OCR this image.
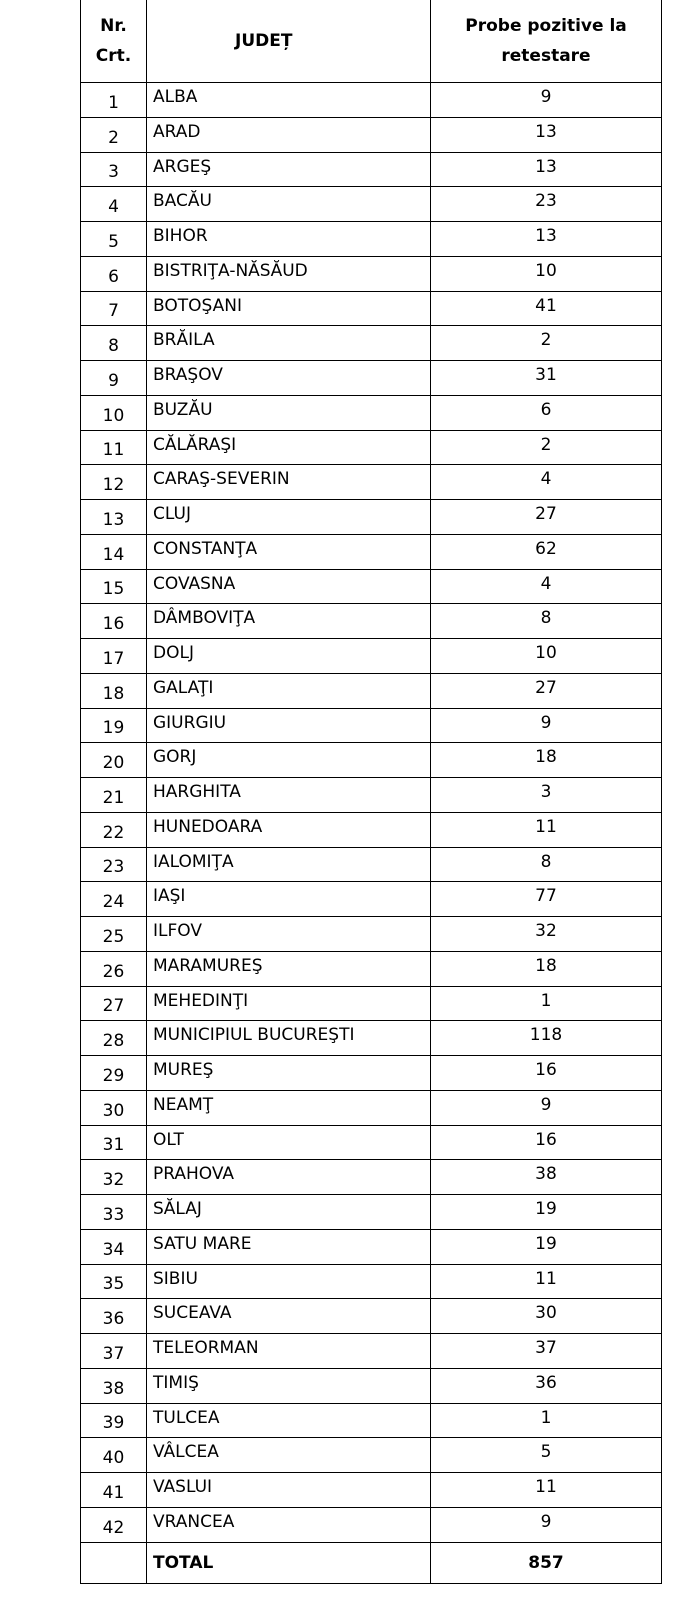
Nr. Crt.	JUDEȚ	Probe pozitive la retestare
1	ALBA	9
2	ARAD	13
3	ARGEŞ	13
4	BACĂU	23
5	BIHOR	13
6	BISTRIŢA-NĂSĂUD	10
7	BOTOŞANI	41
8	BRĂILA	2
9	BRAŞOV	31
10	BUZĂU	6
11	CĂLĂRAŞI	2
12	CARAŞ-SEVERIN	4
13	CLUJ	27
14	CONSTANŢA	62
15	COVASNA	4
16	DÂMBOVIŢA	8
17	DOLJ	10
18	GALAŢI	27
19	GIURGIU	9
20	GORJ	18
21	HARGHITA	3
22	HUNEDOARA	11
23	IALOMIŢA	8
24	IAŞI	77
25	ILFOV	32
26	MARAMUREŞ	18
27	MEHEDINŢI	1
28	MUNICIPIUL BUCUREŞTI	118
29	MUREŞ	16
30	NEAMŢ	9
31	OLT	16
32	PRAHOVA	38
33	SĂLAJ	19
34	SATU MARE	19
35	SIBIU	11
36	SUCEAVA	30
37	TELEORMAN	37
38	TIMIŞ	36
39	TULCEA	1
40	VÂLCEA	5
41	VASLUI	11
42	VRANCEA	9
	TOTAL	857
